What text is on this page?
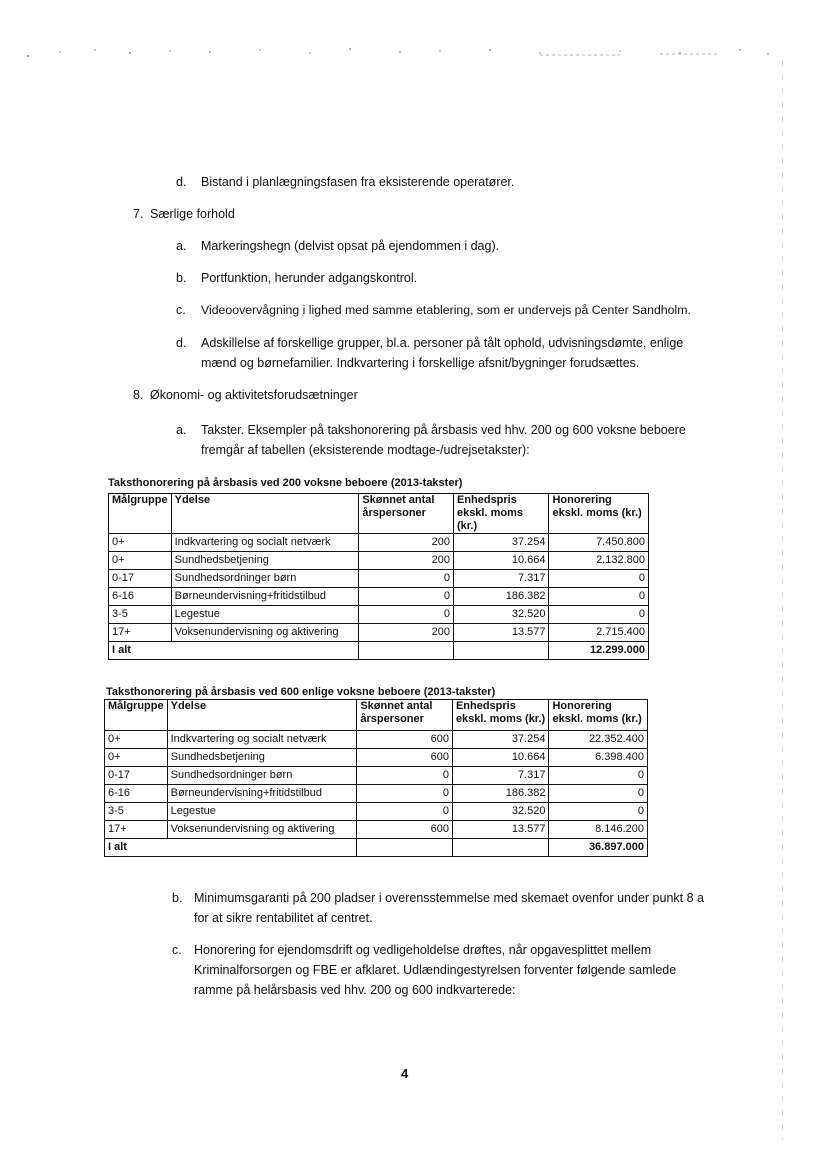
d. Bistand i planlægningsfasen fra eksisterende operatører.

7. Særlige forhold

a. Markeringshegn (delvist opsat på ejendommen i dag).

b. Portfunktion, herunder adgangskontrol.

c. Videoovervågning i lighed med samme etablering, som er undervejs på Center Sandholm.

d. Adskillelse af forskellige grupper, bl.a. personer på tålt ophold, udvisningsdømte, enlige mænd og børnefamilier. Indkvartering i forskellige afsnit/bygninger forudsættes.

8. Økonomi- og aktivitetsforudsætninger

a. Takster. Eksempler på takshonorering på årsbasis ved hhv. 200 og 600 voksne beboere fremgår af tabellen (eksisterende modtage-/udrejsetakster):

Taksthonorering på årsbasis ved 200 voksne beboere (2013-takster)
Målgruppe	Ydelse	Skønnet antal årspersoner	Enhedspris ekskl. moms (kr.)	Honorering ekskl. moms (kr.)
0+	Indkvartering og socialt netværk	200	37.254	7.450.800
0+	Sundhedsbetjening	200	10.664	2.132.800
0-17	Sundhedsordninger børn	0	7.317	0
6-16	Børneundervisning+fritidstilbud	0	186.382	0
3-5	Legestue	0	32.520	0
17+	Voksenundervisning og aktivering	200	13.577	2.715.400
I alt				12.299.000
Taksthonorering på årsbasis ved 600 enlige voksne beboere (2013-takster)
Målgruppe	Ydelse	Skønnet antal årspersoner	Enhedspris ekskl. moms (kr.)	Honorering ekskl. moms (kr.)
0+	Indkvartering og socialt netværk	600	37.254	22.352.400
0+	Sundhedsbetjening	600	10.664	6.398.400
0-17	Sundhedsordninger børn	0	7.317	0
6-16	Børneundervisning+fritidstilbud	0	186.382	0
3-5	Legestue	0	32.520	0
17+	Voksenundervisning og aktivering	600	13.577	8.146.200
I alt				36.897.000
b. Minimumsgaranti på 200 pladser i overensstemmelse med skemaet ovenfor under punkt 8 a for at sikre rentabilitet af centret.

c. Honorering for ejendomsdrift og vedligeholdelse drøftes, når opgavesplittet mellem Kriminalforsorgen og FBE er afklaret. Udlændingestyrelsen forventer følgende samlede ramme på helårsbasis ved hhv. 200 og 600 indkvarterede:

4
